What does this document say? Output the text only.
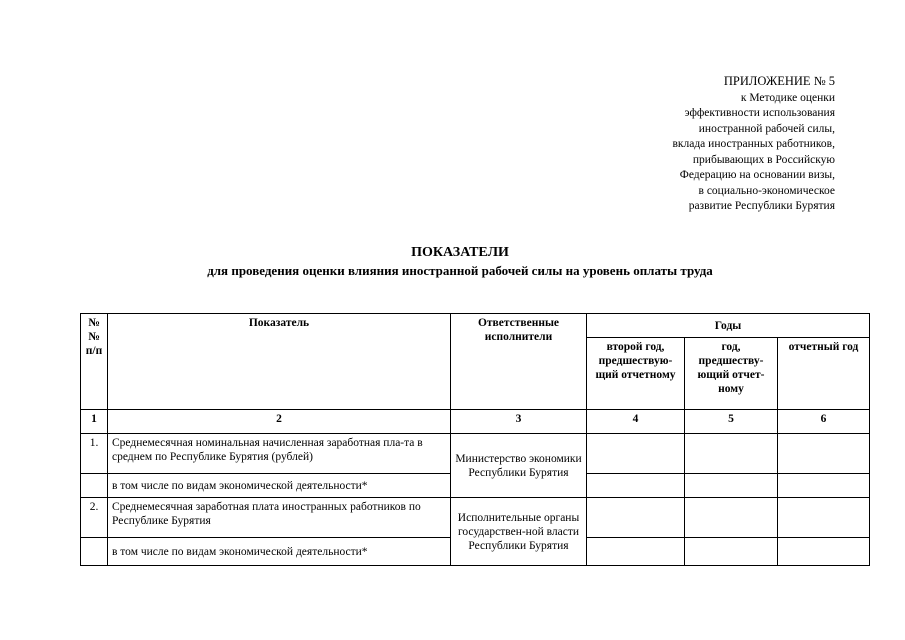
ПРИЛОЖЕНИЕ № 5
к Методике оценки
эффективности использования
иностранной рабочей силы,
вклада иностранных работников,
прибывающих в Российскую
Федерацию на основании визы,
в социально-экономическое
развитие Республики Бурятия
ПОКАЗАТЕЛИ
для проведения оценки влияния иностранной рабочей силы на уровень оплаты труда
№№ п/п	Показатель	Ответственные исполнители	Годы		
			второй год, предшествую-щий отчетному	год, предшеству-ющий отчет-ному	отчетный год
1	2	3	4	5	6
1.	Среднемесячная номинальная начисленная заработная пла-та в среднем по Республике Бурятия (рублей)	Министерство экономики Республики Бурятия			
	в том числе по видам экономической деятельности*				
2.	Среднемесячная заработная плата иностранных работников по Республике Бурятия	Исполнительные органы государствен-ной власти Республики Бурятия			
	в том числе по видам экономической деятельности*				
